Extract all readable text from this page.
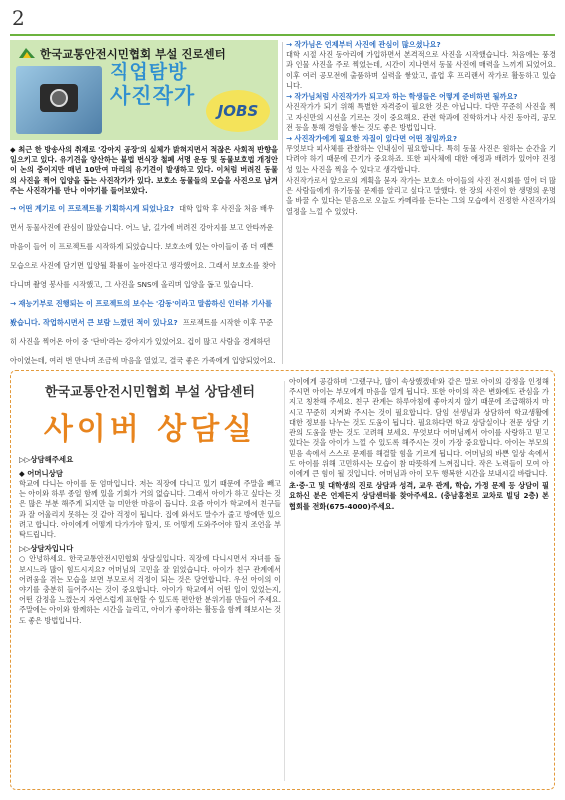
2
한국교통안전시민협회 부설 진로센터
직업탐방
사진작가
JOBS
◆ 최근 한 방송사의 취재로 '강아지 공장'의 실체가 밝혀지면서 적잖은 사회적 반향을 일으키고 있다. 유기견을 양산하는 불법 번식장 철폐 서명 운동 및 동물보호법 개정안이 논의 중이지만 매년 10만여 마리의 유기견이 발생하고 있다. 이처럼 버려진 동물의 사진을 찍어 입양을 돕는 사진작가가 있다. 보호소 동물들의 모습을 사진으로 남겨주는 사진작가를 만나 이야기를 들어보았다.
→ 어떤 계기로 이 프로젝트를 기획하시게 되었나요? 대학 입학 후 사진을 처음 배우면서 동물사진에 관심이 많았습니다. 어느 날, 길가에 버려진 강아지를 보고 안타까운 마음이 들어 이 프로젝트를 시작하게 되었습니다. 보호소에 있는 아이들이 좀 더 예쁜 모습으로 사진에 담기면 입양될 확률이 높아진다고 생각했어요. 그래서 보호소를 찾아다니며 촬영 봉사를 시작했고, 그 사진을 SNS에 올리며 입양을 돕고 있습니다.
→ 재능기부로 진행되는 이 프로젝트의 보수는 '감동'이라고 말씀하신 인터뷰 기사를 봤습니다. 작업하시면서 큰 보람 느꼈던 적이 있나요? 프로젝트를 시작한 이후 꾸준히 사진을 찍어온 아이 중 '단비'라는 강아지가 있었어요. 겁이 많고 사람을 경계하던 아이였는데, 여러 번 만나며 조금씩 마음을 열었고, 결국 좋은 가족에게 입양되었어요.
→ 작가님은 언제부터 사진에 관심이 많으셨나요?
대학 시절 사진 동아리에 가입하면서 본격적으로 사진을 시작했습니다. 처음에는 풍경과 인물 사진을 주로 찍었는데, 시간이 지나면서 동물 사진에 매력을 느끼게 되었어요. 이후 여러 공모전에 출품하며 실력을 쌓았고, 졸업 후 프리랜서 작가로 활동하고 있습니다.
→ 작가님처럼 사진작가가 되고자 하는 학생들은 어떻게 준비하면 될까요?
사진작가가 되기 위해 특별한 자격증이 필요한 것은 아닙니다. 다만 꾸준히 사진을 찍고 자신만의 시선을 기르는 것이 중요해요. 관련 학과에 진학하거나 사진 동아리, 공모전 등을 통해 경험을 쌓는 것도 좋은 방법입니다.
→ 사진작가에게 필요한 자질이 있다면 어떤 점일까요?
무엇보다 피사체를 관찰하는 인내심이 필요합니다. 특히 동물 사진은 원하는 순간을 기다려야 하기 때문에 끈기가 중요하죠. 또한 피사체에 대한 애정과 배려가 있어야 진정성 있는 사진을 찍을 수 있다고 생각합니다.
사진작가로서 앞으로의 계획을 묻자 작가는 보호소 아이들의 사진 전시회를 열어 더 많은 사람들에게 유기동물 문제를 알리고 싶다고 말했다. 한 장의 사진이 한 생명의 운명을 바꿀 수 있다는 믿음으로 오늘도 카메라를 든다는 그의 모습에서 진정한 사진작가의 열정을 느낄 수 있었다.
한국교통안전시민협회 부설 상담센터
사이버 상담실
▷▷상담해주세요
◆ 어머니상담
학교에 다니는 아이를 둔 엄마입니다. 저는 직장에 다니고 있기 때문에 주말을 빼고는 아이와 하루 종일 함께 있을 기회가 거의 없습니다. 그래서 아이가 하고 싶다는 것은 많은 부분 해주게 되지만 늘 미안한 마음이 듭니다. 요즘 아이가 학교에서 친구들과 잘 어울리지 못하는 것 같아 걱정이 됩니다. 집에 와서도 말수가 줄고 방에만 있으려고 합니다. 아이에게 어떻게 다가가야 할지, 또 어떻게 도와주어야 할지 조언을 부탁드립니다.
▷▷상담자입니다
○ 안녕하세요. 한국교통안전시민협회 상담실입니다. 직장에 다니시면서 자녀를 돌보시느라 많이 힘드시지요? 어머님의 고민을 잘 읽었습니다. 아이가 친구 관계에서 어려움을 겪는 모습을 보면 부모로서 걱정이 되는 것은 당연합니다. 우선 아이의 이야기를 충분히 들어주시는 것이 중요합니다. 아이가 학교에서 어떤 일이 있었는지, 어떤 감정을 느꼈는지 자연스럽게 표현할 수 있도록 편안한 분위기를 만들어 주세요. 주말에는 아이와 함께하는 시간을 늘리고, 아이가 좋아하는 활동을 함께 해보시는 것도 좋은 방법입니다.
아이에게 공감하며 '그랬구나, 많이 속상했겠네'와 같은 말로 아이의 감정을 인정해 주시면 아이는 부모에게 마음을 열게 됩니다. 또한 아이의 작은 변화에도 관심을 가지고 칭찬해 주세요. 친구 관계는 하루아침에 좋아지지 않기 때문에 조급해하지 마시고 꾸준히 지켜봐 주시는 것이 필요합니다. 담임 선생님과 상담하여 학교생활에 대한 정보를 나누는 것도 도움이 됩니다. 필요하다면 학교 상담실이나 전문 상담 기관의 도움을 받는 것도 고려해 보세요. 무엇보다 어머님께서 아이를 사랑하고 믿고 있다는 것을 아이가 느낄 수 있도록 해주시는 것이 가장 중요합니다. 아이는 부모의 믿음 속에서 스스로 문제를 해결할 힘을 기르게 됩니다. 어머님의 바쁜 일상 속에서도 아이를 위해 고민하시는 모습이 참 따뜻하게 느껴집니다. 작은 노력들이 모여 아이에게 큰 힘이 될 것입니다. 어머님과 아이 모두 행복한 시간을 보내시길 바랍니다.
초·중·고 및 대학생의 진로 상담과 성격, 교우 관계, 학습, 가정 문제 등 상담이 필요하신 분은 언제든지 상담센터를 찾아주세요. (충남홍천로 교차로 빌딩 2층) 본 협회를 전화(675-4000)주세요.
